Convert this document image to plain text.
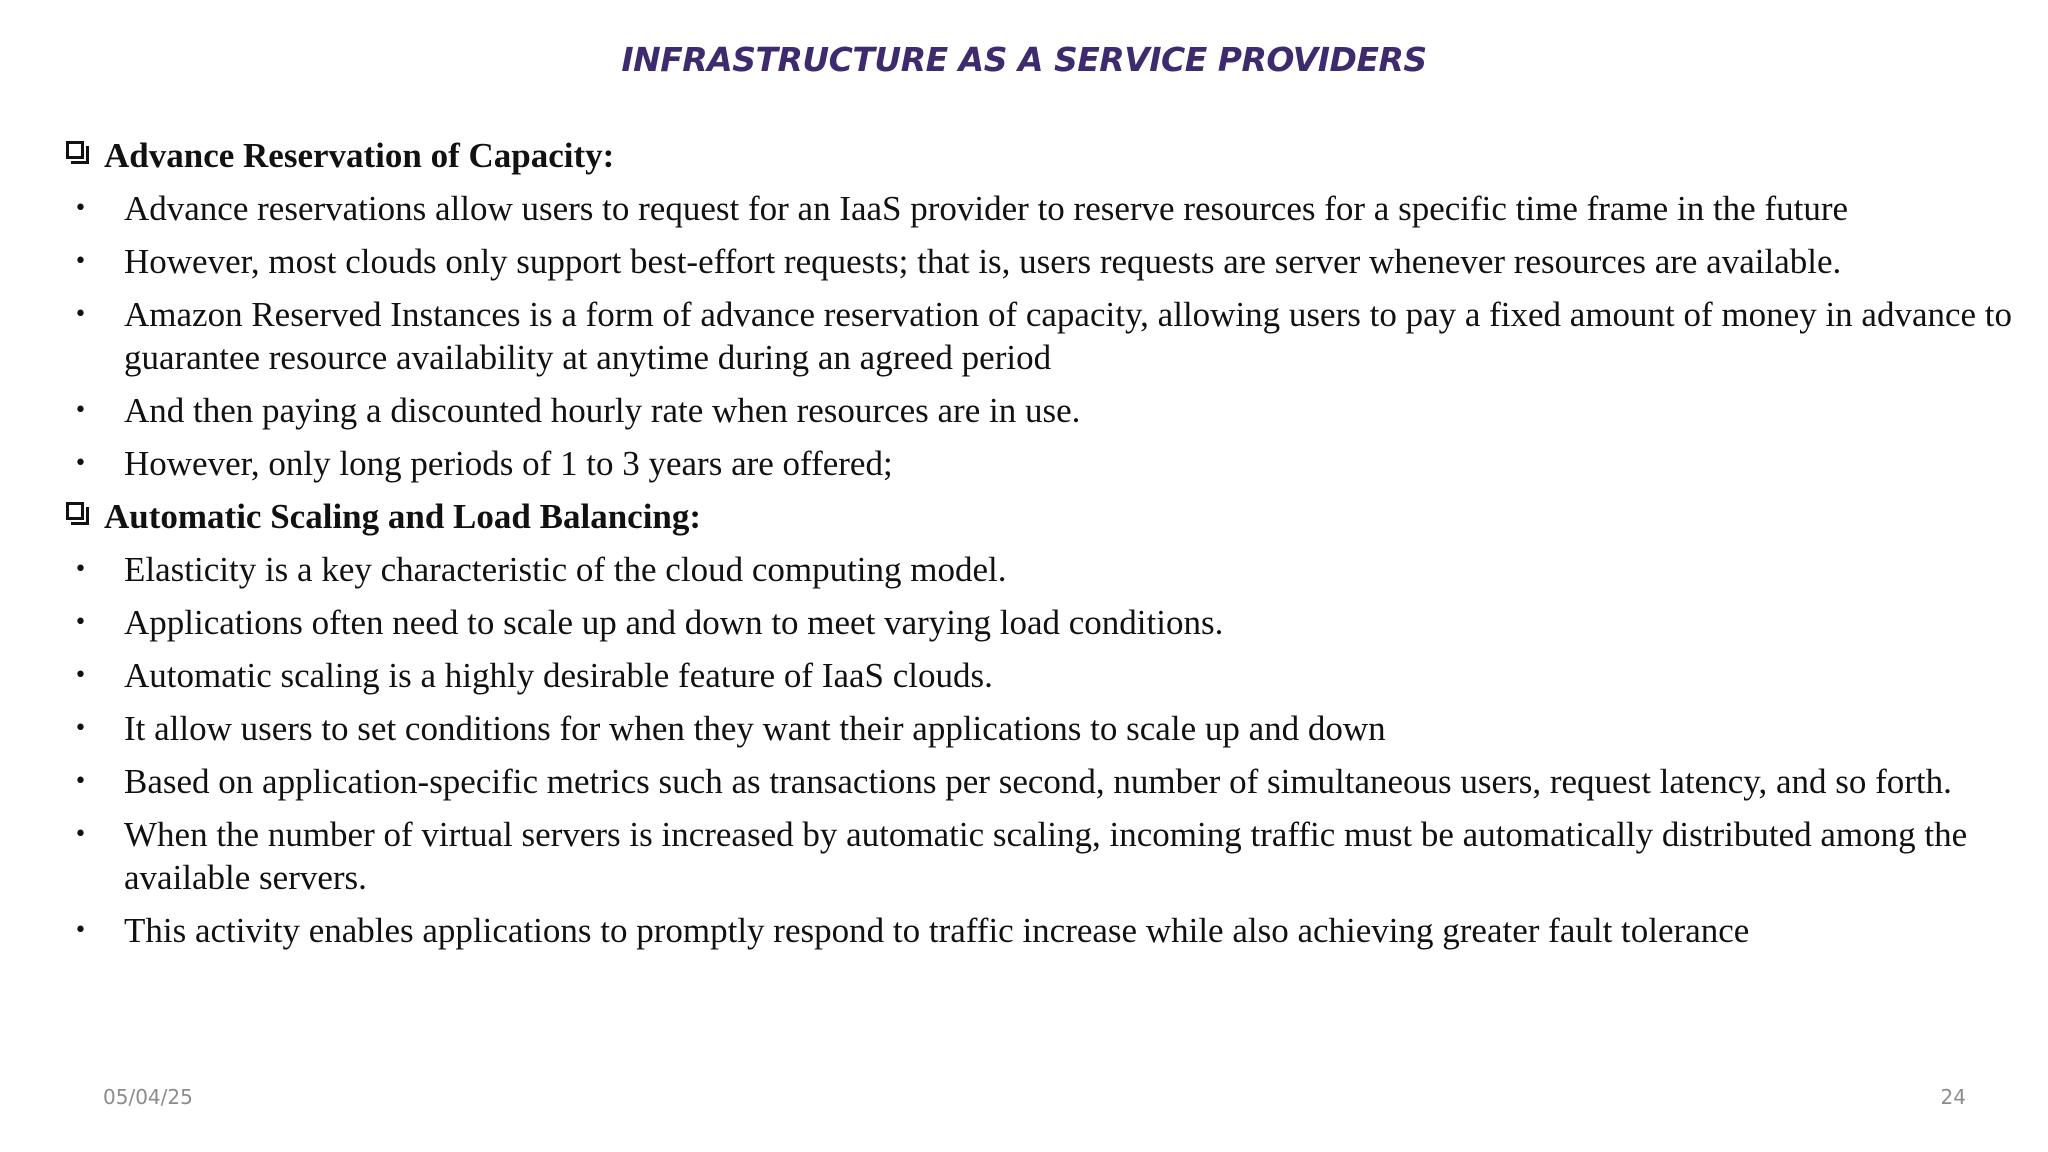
INFRASTRUCTURE AS A SERVICE PROVIDERS
Advance Reservation of Capacity:
•	Advance reservations allow users to request for an IaaS provider to reserve resources for a specific time frame in the future
•	However, most clouds only support best-effort requests; that is, users requests are server whenever resources are available.
•	Amazon Reserved Instances is a form of advance reservation of capacity, allowing users to pay a fixed amount of money in advance to guarantee resource availability at anytime during an agreed period
•	And then paying a discounted hourly rate when resources are in use.
•	However, only long periods of 1 to 3 years are offered;
Automatic Scaling and Load Balancing:
•	Elasticity is a key characteristic of the cloud computing model.
•	Applications often need to scale up and down to meet varying load conditions.
•	Automatic scaling is a highly desirable feature of IaaS clouds.
•	It allow users to set conditions for when they want their applications to scale up and down
•	Based on application-specific metrics such as transactions per second, number of simultaneous users, request latency, and so forth.
•	When the number of virtual servers is increased by automatic scaling, incoming traffic must be automatically distributed among the available servers.
•	This activity enables applications to promptly respond to traffic increase while also achieving greater fault tolerance
05/04/25	24
